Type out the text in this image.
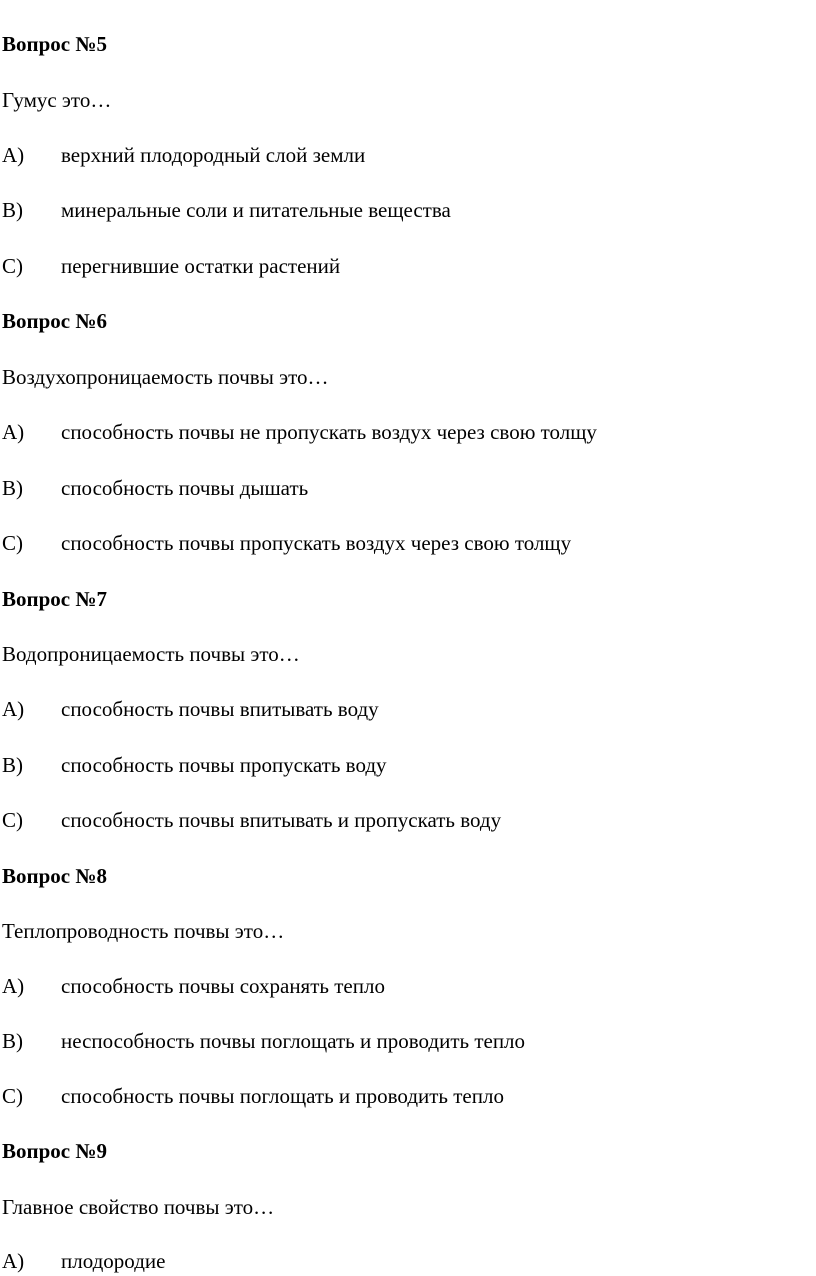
Вопрос №5
Гумус это…
A) верхний плодородный слой земли
B) минеральные соли и питательные вещества
C) перегнившие остатки растений
Вопрос №6
Воздухопроницаемость почвы это…
A) способность почвы не пропускать воздух через свою толщу
B) способность почвы дышать
C) способность почвы пропускать воздух через свою толщу
Вопрос №7
Водопроницаемость почвы это…
A) способность почвы впитывать воду
B) способность почвы пропускать воду
C) способность почвы впитывать и пропускать воду
Вопрос №8
Теплопроводность почвы это…
A) способность почвы сохранять тепло
B) неспособность почвы поглощать и проводить тепло
C) способность почвы поглощать и проводить тепло
Вопрос №9
Главное свойство почвы это…
A) плодородие
